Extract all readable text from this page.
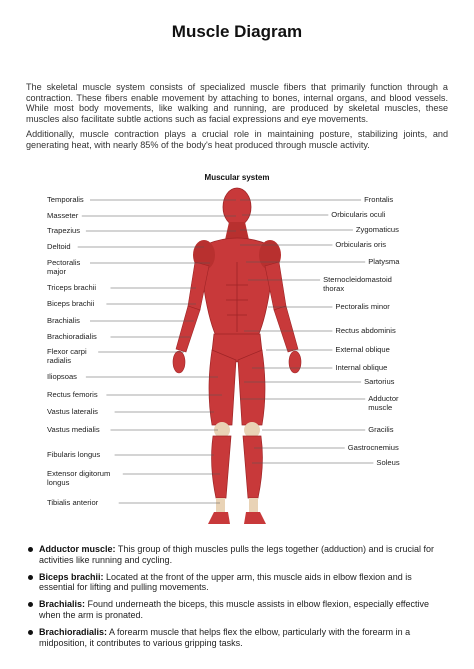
Muscle Diagram
The skeletal muscle system consists of specialized muscle fibers that primarily function through a contraction. These fibers enable movement by attaching to bones, internal organs, and blood vessels. While most body movements, like walking and running, are produced by skeletal muscles, these muscles also facilitate subtle actions such as facial expressions and eye movements.
Additionally, muscle contraction plays a crucial role in maintaining posture, stabilizing joints, and generating heat, with nearly 85% of the body's heat produced through muscle activity.
Muscular system
Temporalis
Masseter
Trapezius
Deltoid
Pectoralis
major
Triceps brachii
Biceps brachii
Brachialis
Brachioradialis
Flexor carpi
radialis
Iliopsoas
Rectus femoris
Vastus lateralis
Vastus medialis
Fibularis longus
Extensor digitorum
longus
Tibialis anterior
Frontalis
Orbicularis oculi
Zygomaticus
Orbicularis oris
Platysma
Sternocleidomastoid
thorax
Pectoralis minor
Rectus abdominis
External oblique
Internal oblique
Sartorius
Adductor
muscle
Gracilis
Gastrocnemius
Soleus
Adductor muscle: This group of thigh muscles pulls the legs together (adduction) and is crucial for activities like running and cycling.
Biceps brachii: Located at the front of the upper arm, this muscle aids in elbow flexion and is essential for lifting and pulling movements.
Brachialis: Found underneath the biceps, this muscle assists in elbow flexion, especially effective when the arm is pronated.
Brachioradialis: A forearm muscle that helps flex the elbow, particularly with the forearm in a midposition, it contributes to various gripping tasks.
